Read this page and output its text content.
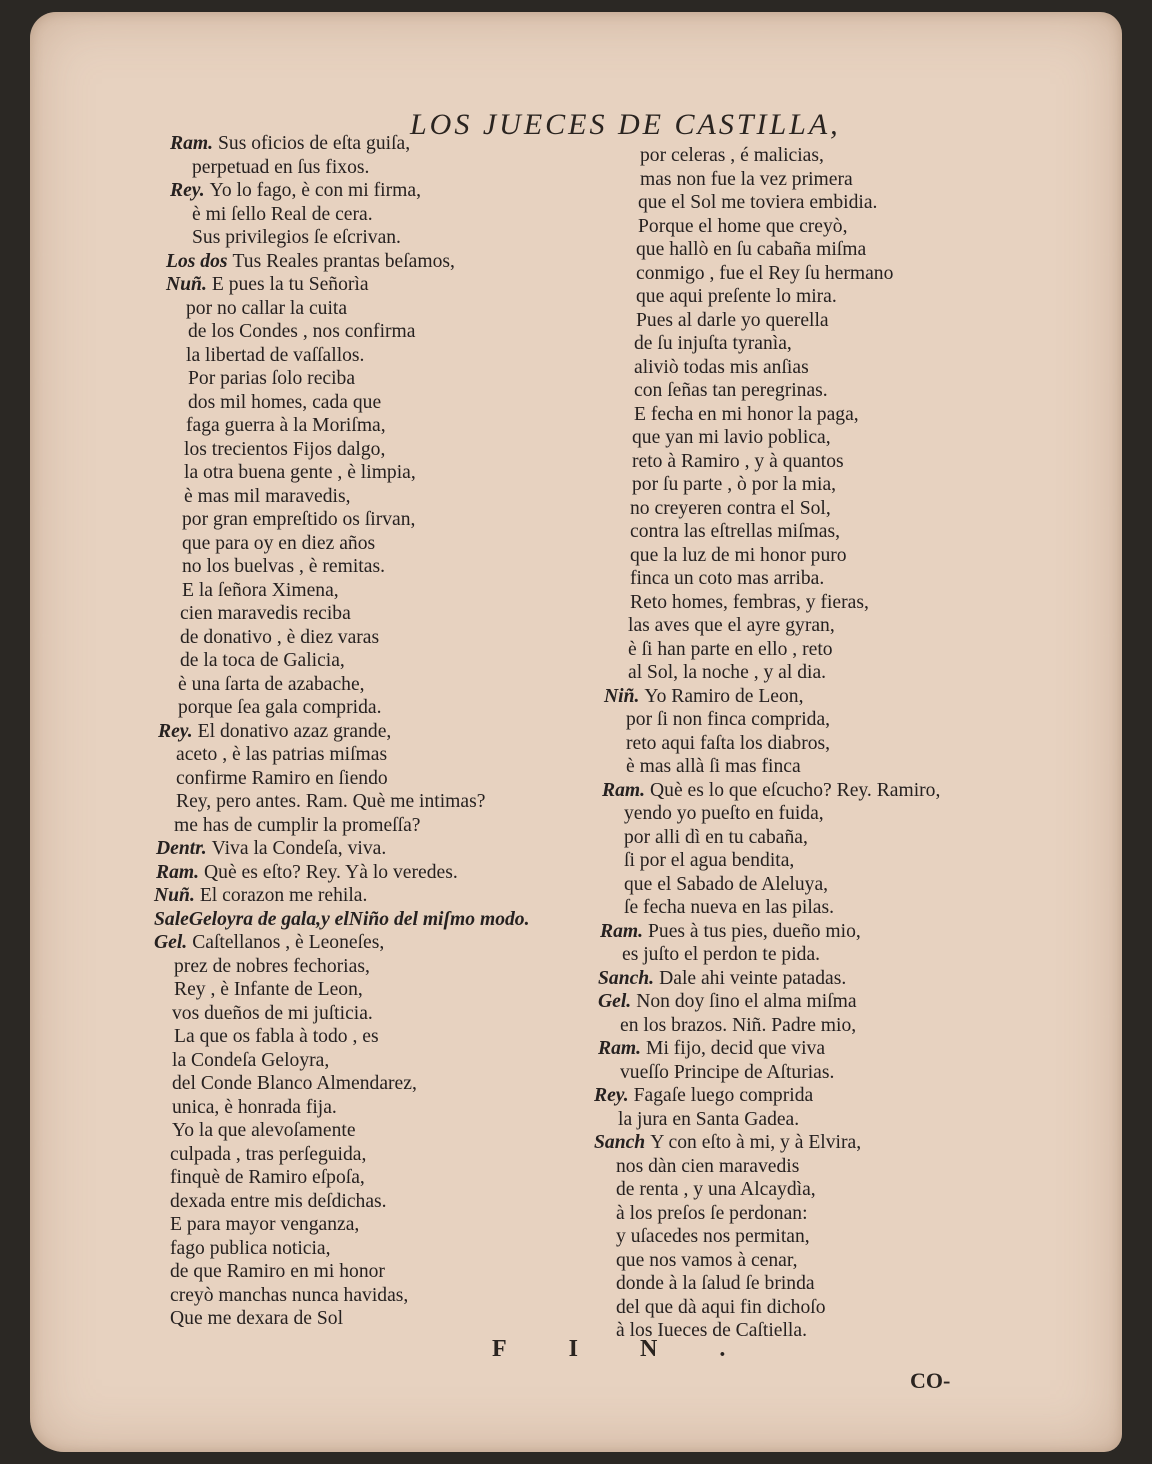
LOS JUECES DE CASTILLA,
Ram. Sus oficios de eſta guiſa,
perpetuad en ſus fixos.
Rey. Yo lo fago, è con mi firma,
è mi ſello Real de cera.
Sus privilegios ſe eſcrivan.
Los dos Tus Reales prantas beſamos,
Nuñ. E pues la tu Señorìa
por no callar la cuita
de los Condes , nos confirma
la libertad de vaſſallos.
Por parias ſolo reciba
dos mil homes, cada que
faga guerra à la Moriſma,
los trecientos Fijos dalgo,
la otra buena gente , è limpia,
è mas mil maravedis,
por gran empreſtido os ſirvan,
que para oy en diez años
no los buelvas , è remitas.
E la ſeñora Ximena,
cien maravedis reciba
de donativo , è diez varas
de la toca de Galicia,
è una ſarta de azabache,
porque ſea gala comprida.
Rey. El donativo azaz grande,
aceto , è las patrias miſmas
confirme Ramiro en ſiendo
Rey, pero antes. Ram. Què me intimas?
me has de cumplir la promeſſa?
Dentr. Viva la Condeſa, viva.
Ram. Què es eſto? Rey. Yà lo veredes.
Nuñ. El corazon me rehila.
SaleGeloyra de gala,y elNiño del miſmo modo.
Gel. Caſtellanos , è Leoneſes,
prez de nobres fechorias,
Rey , è Infante de Leon,
vos dueños de mi juſticia.
La que os fabla à todo , es
la Condeſa Geloyra,
del Conde Blanco Almendarez,
unica, è honrada fija.
Yo la que alevoſamente
culpada , tras perſeguida,
finquè de Ramiro eſpoſa,
dexada entre mis deſdichas.
E para mayor venganza,
fago publica noticia,
de que Ramiro en mi honor
creyò manchas nunca havidas,
Que me dexara de Sol
por celeras , é malicias,
mas non fue la vez primera
que el Sol me toviera embidia.
Porque el home que creyò,
que hallò en ſu cabaña miſma
conmigo , fue el Rey ſu hermano
que aqui preſente lo mira.
Pues al darle yo querella
de ſu injuſta tyranìa,
aliviò todas mis anſias
con ſeñas tan peregrinas.
E fecha en mi honor la paga,
que yan mi lavio poblica,
reto à Ramiro , y à quantos
por ſu parte , ò por la mia,
no creyeren contra el Sol,
contra las eſtrellas miſmas,
que la luz de mi honor puro
finca un coto mas arriba.
Reto homes, fembras, y fieras,
las aves que el ayre gyran,
è ſi han parte en ello , reto
al Sol, la noche , y al dia.
Niñ. Yo Ramiro de Leon,
por ſi non finca comprida,
reto aqui faſta los diabros,
è mas allà ſi mas finca
Ram. Què es lo que eſcucho? Rey. Ramiro,
yendo yo pueſto en fuida,
por alli dì en tu cabaña,
ſi por el agua bendita,
que el Sabado de Aleluya,
ſe fecha nueva en las pilas.
Ram. Pues à tus pies, dueño mio,
es juſto el perdon te pida.
Sanch. Dale ahi veinte patadas.
Gel. Non doy ſino el alma miſma
en los brazos. Niñ. Padre mio,
Ram. Mi fijo, decid que viva
vueſſo Principe de Aſturias.
Rey. Fagaſe luego comprida
la jura en Santa Gadea.
Sanch Y con eſto à mi, y à Elvira,
nos dàn cien maravedis
de renta , y una Alcaydìa,
à los preſos ſe perdonan:
y uſacedes nos permitan,
que nos vamos à cenar,
donde à la ſalud ſe brinda
del que dà aqui fin dichoſo
à los Iueces de Caſtiella.
FIN.
CO-
